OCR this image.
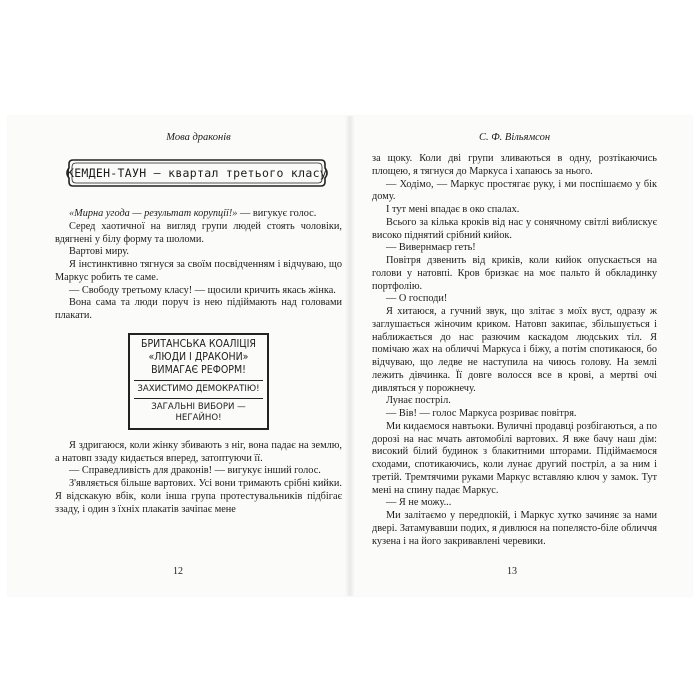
Мова драконів
КЕМДЕН-ТАУН — квартал третього класу

«Мирна угода — результат корупції!» — вигукує голос.

Серед хаотичної на вигляд групи людей стоять чоловіки, вдягнені у білу форму та шоломи.

Вартові миру.

Я інстинктивно тягнуся за своїм посвідченням і відчуваю, що Маркус робить те саме.

— Свободу третьому класу! — щосили кричить якась жінка.

Вона сама та люди поруч із нею підіймають над головами плакати.

БРИТАНСЬКА КОАЛІЦІЯ
«ЛЮДИ І ДРАКОНИ»
ВИМАГАЄ РЕФОРМ!
ЗАХИСТИМО ДЕМОКРАТІЮ!
ЗАГАЛЬНІ ВИБОРИ — НЕГАЙНО!

Я здригаюся, коли жінку збивають з ніг, вона падає на землю, а натовп ззаду кидається вперед, затоптуючи її.

— Справедливість для драконів! — вигукує інший голос.

З'являється більше вартових. Усі вони тримають срібні кийки. Я відскакую вбік, коли інша група протестувальників підбігає ззаду, і один з їхніх плакатів зачіпає мене

12
С. Ф. Вільямсон

за щоку. Коли дві групи зливаються в одну, розтікаючись площею, я тягнуся до Маркуса і хапаюсь за нього.

— Ходімо, — Маркус простягає руку, і ми поспішаємо у бік дому.

І тут мені впадає в око спалах.

Всього за кілька кроків від нас у сонячному світлі виблискує високо піднятий срібний кийок.

— Вивернмаєр геть!

Повітря дзвенить від криків, коли кийок опускається на голови у натовпі. Кров бризкає на моє пальто й обкладинку портфолію.

— О господи!

Я хитаюся, а гучний звук, що злітає з моїх вуст, одразу ж заглушається жіночим криком. Натовп закипає, збільшується і наближається до нас разючим каскадом людських тіл. Я помічаю жах на обличчі Маркуса і біжу, а потім спотикаюся, бо відчуваю, що ледве не наступила на чиюсь голову. На землі лежить дівчинка. Її довге волосся все в крові, а мертві очі дивляться у порожнечу.

Лунає постріл.

— Вів! — голос Маркуса розриває повітря.

Ми кидаємося навтьоки. Вуличні продавці розбігаються, а по дорозі на нас мчать автомобілі вартових. Я вже бачу наш дім: високий білий будинок з блакитними шторами. Підіймаємося сходами, спотикаючись, коли лунає другий постріл, а за ним і третій. Тремтячими руками Маркус вставляю ключ у замок. Тут мені на спину падає Маркус.

— Я не можу...

Ми залітаємо у передпокій, і Маркус хутко зачиняє за нами двері. Затамувавши подих, я дивлюся на попелясто-біле обличчя кузена і на його закривавлені черевики.

13
